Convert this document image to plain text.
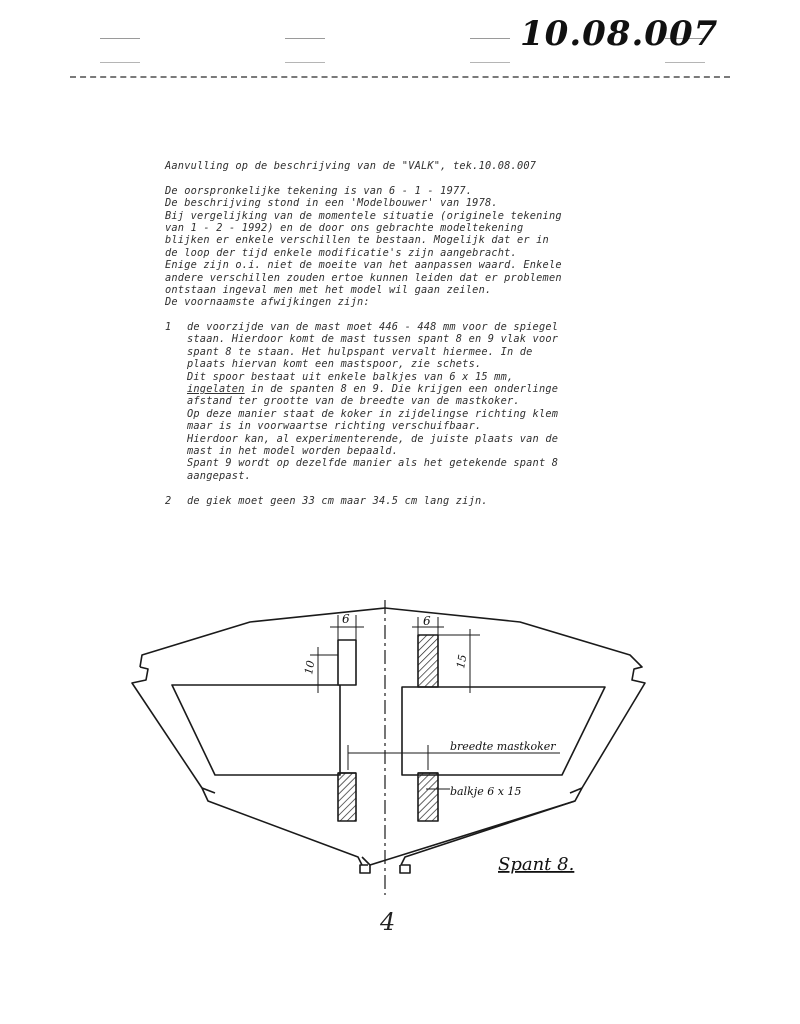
10.08.007
Aanvulling op de beschrijving van de "VALK", tek.10.08.007
De oorspronkelijke tekening is van 6 - 1 - 1977.
De beschrijving stond in een 'Modelbouwer' van 1978.
Bij vergelijking van de momentele situatie (originele tekening
van 1 - 2 - 1992) en de door ons gebrachte modeltekening
blijken er enkele verschillen te bestaan. Mogelijk dat er in
de loop der tijd enkele modificatie's zijn aangebracht.
Enige zijn o.i. niet de moeite van het aanpassen waard. Enkele
andere verschillen zouden ertoe kunnen leiden dat er problemen
ontstaan ingeval men met het model wil gaan zeilen.
De voornaamste afwijkingen zijn:
1	de voorzijde van de mast moet 446 - 448 mm voor de spiegel
staan. Hierdoor komt de mast tussen spant 8 en 9 vlak voor
spant 8 te staan. Het hulpspant vervalt hiermee. In de
plaats hiervan komt een mastspoor, zie schets.
Dit spoor bestaat uit enkele balkjes van 6 x 15 mm,
ingelaten in de spanten 8 en 9. Die krijgen een onderlinge
afstand ter grootte van de breedte van de mastkoker.
Op deze manier staat de koker in zijdelingse richting klem
maar is in voorwaartse richting verschuifbaar.
Hierdoor kan, al experimenterende, de juiste plaats van de
mast in het model worden bepaald.
Spant 9 wordt op dezelfde manier als het getekende spant 8
aangepast.
2	de giek moet geen 33 cm maar 34.5 cm lang zijn.
6
10
6
15
breedte mastkoker
balkje 6 x 15
Spant 8.
4
